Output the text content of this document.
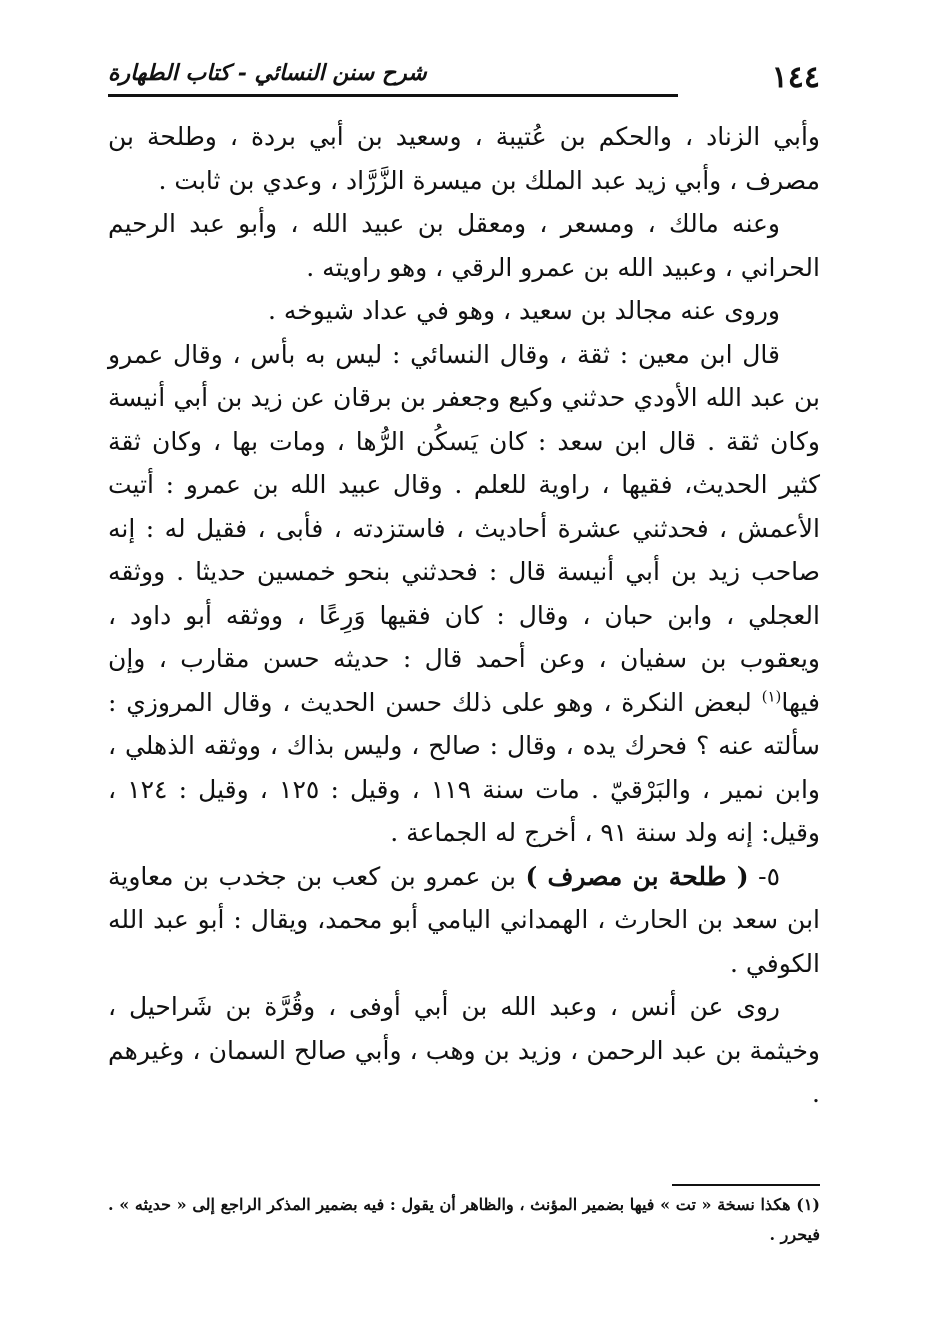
شرح سنن النسائي - كتاب الطهارة	١٤٤

وأبي الزناد ، والحكم بن عُتيبة ، وسعيد بن أبي بردة ، وطلحة بن مصرف ، وأبي زيد عبد الملك بن ميسرة الزَّرَّاد ، وعدي بن ثابت .

وعنه مالك ، ومسعر ، ومعقل بن عبيد الله ، وأبو عبد الرحيم الحراني ، وعبيد الله بن عمرو الرقي ، وهو راويته .

وروى عنه مجالد بن سعيد ، وهو في عداد شيوخه .

قال ابن معين : ثقة ، وقال النسائي : ليس به بأس ، وقال عمرو بن عبد الله الأودي حدثني وكيع وجعفر بن برقان عن زيد بن أبي أنيسة وكان ثقة . قال ابن سعد : كان يَسكُن الرُّها ، ومات بها ، وكان ثقة كثير الحديث، فقيها ، راوية للعلم . وقال عبيد الله بن عمرو : أتيت الأعمش ، فحدثني عشرة أحاديث ، فاستزدته ، فأبى ، فقيل له : إنه صاحب زيد بن أبي أنيسة قال : فحدثني بنحو خمسين حديثا . ووثقه العجلي ، وابن حبان ، وقال : كان فقيها وَرِعًا ، ووثقه أبو داود ، ويعقوب بن سفيان ، وعن أحمد قال : حديثه حسن مقارب ، وإن فيها$^{(١)}$ لبعض النكرة ، وهو على ذلك حسن الحديث ، وقال المروزي : سألته عنه ؟ فحرك يده ، وقال : صالح ، وليس بذاك ، ووثقه الذهلي ، وابن نمير ، والبَرْقيّ . مات سنة ١١٩ ، وقيل : ١٢٥ ، وقيل : ١٢٤ ، وقيل: إنه ولد سنة ٩١ ، أخرج له الجماعة .

٥- ( طلحة بن مصرف ) بن عمرو بن كعب بن جخدب بن معاوية ابن سعد بن الحارث ، الهمداني اليامي أبو محمد، ويقال : أبو عبد الله الكوفي .

روى عن أنس ، وعبد الله بن أبي أوفى ، وقُرَّة بن شَراحيل ، وخيثمة بن عبد الرحمن ، وزيد بن وهب ، وأبي صالح السمان ، وغيرهم .

(١) هكذا نسخة « تت » فيها بضمير المؤنث ، والظاهر أن يقول : فيه بضمير المذكر الراجع إلى « حديثه » . فيحرر .
